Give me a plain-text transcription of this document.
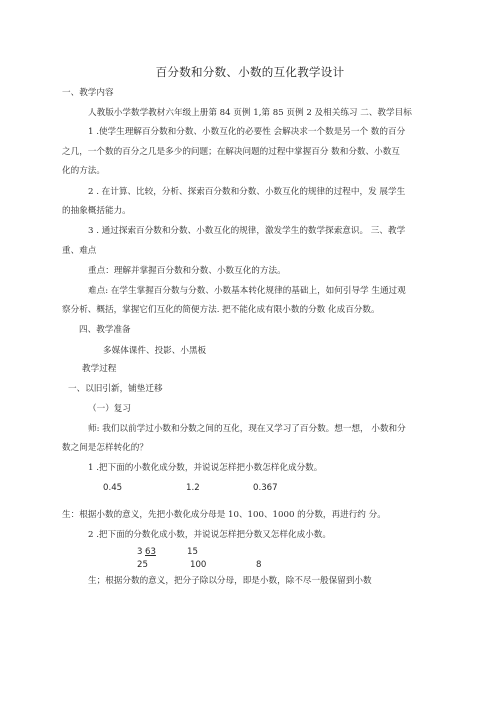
百分数和分数、小数的互化教学设计
一、教学内容
人教版小学数学教材六年级上册第 84 页例 1,第 85 页例 2 及相关练习 二、教学目标
1 .使学生理解百分数和分数、小数互化的必要性 会解决求一个数是另一个 数的百分
之几，一个数的百分之几是多少的问题；在解决问题的过程中掌握百分 数和分数、小数互
化的方法。
2 . 在计算、比较，分析、探索百分数和分数、小数互化的规律的过程中，发 展学生
的抽象概括能力。
3 . 通过探索百分数和分数、小数互化的规律，激发学生的数学探索意识。 三、教学
重、难点
重点：理解并掌握百分数和分数、小数互化的方法。
难点: 在学生掌握百分数与分数、小数基本转化规律的基础上，如何引导学 生通过观
察分析、概括，掌握它们互化的简便方法. 把不能化成有限小数的分数 化成百分数。
四、教学准备
多媒体课件、投影、小黑板
教学过程
一、以旧引新，铺垫迁移
（一）复习
师: 我们以前学过小数和分数之间的互化，现在又学习了百分数。想一想， 小数和分
数之间是怎样转化的？
1 .把下面的小数化成分数，并说说怎样把小数怎样化成分数。
0.45	1.2	0.367
生：根据小数的意义，先把小数化成分母是 10、100、1000 的分数，再进行约 分。
2 .把下面的分数化成小数，并说说怎样把分数又怎样化成小数。
3 63	15
25	100	8
生；根据分数的意义，把分子除以分母，即是小数，除不尽一般保留到小数
